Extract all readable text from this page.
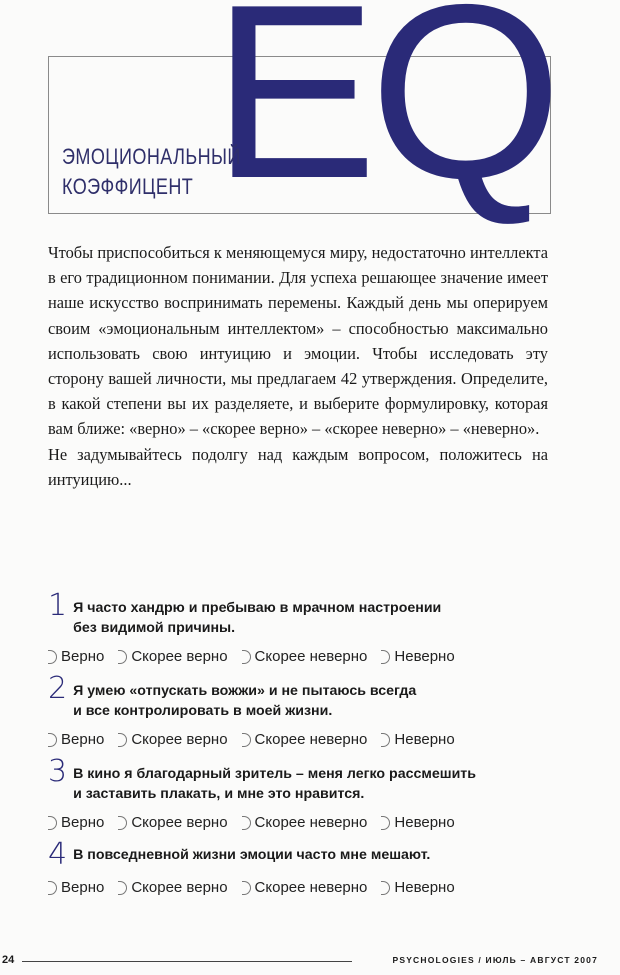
EQ
ЭМОЦИОНАЛЬНЫЙ
КОЭФФИЦЕНТ

Чтобы приспособиться к меняющемуся миру, недостаточно интеллекта в его традиционном понимании. Для успеха решающее значение имеет наше искусство воспринимать перемены. Каждый день мы оперируем своим «эмоциональным интеллектом» – способностью максимально использовать свою интуицию и эмоции. Чтобы исследовать эту сторону вашей личности, мы предлагаем 42 утверждения. Определите, в какой степени вы их разделяете, и выберите формулировку, которая вам ближе: «верно» – «скорее верно» – «скорее неверно» – «неверно».

Не задумывайтесь подолгу над каждым вопросом, положитесь на интуицию...

1 Я часто хандрю и пребываю в мрачном настроении
без видимой причины.
Верно Скорее верно Скорее неверно Неверно
2 Я умею «отпускать вожжи» и не пытаюсь всегда
и все контролировать в моей жизни.
Верно Скорее верно Скорее неверно Неверно
3 В кино я благодарный зритель – меня легко рассмешить
и заставить плакать, и мне это нравится.
Верно Скорее верно Скорее неверно Неверно
4 В повседневной жизни эмоции часто мне мешают.
Верно Скорее верно Скорее неверно Неверно
24	PSYCHOLOGIES / ИЮЛЬ – АВГУСТ 2007
